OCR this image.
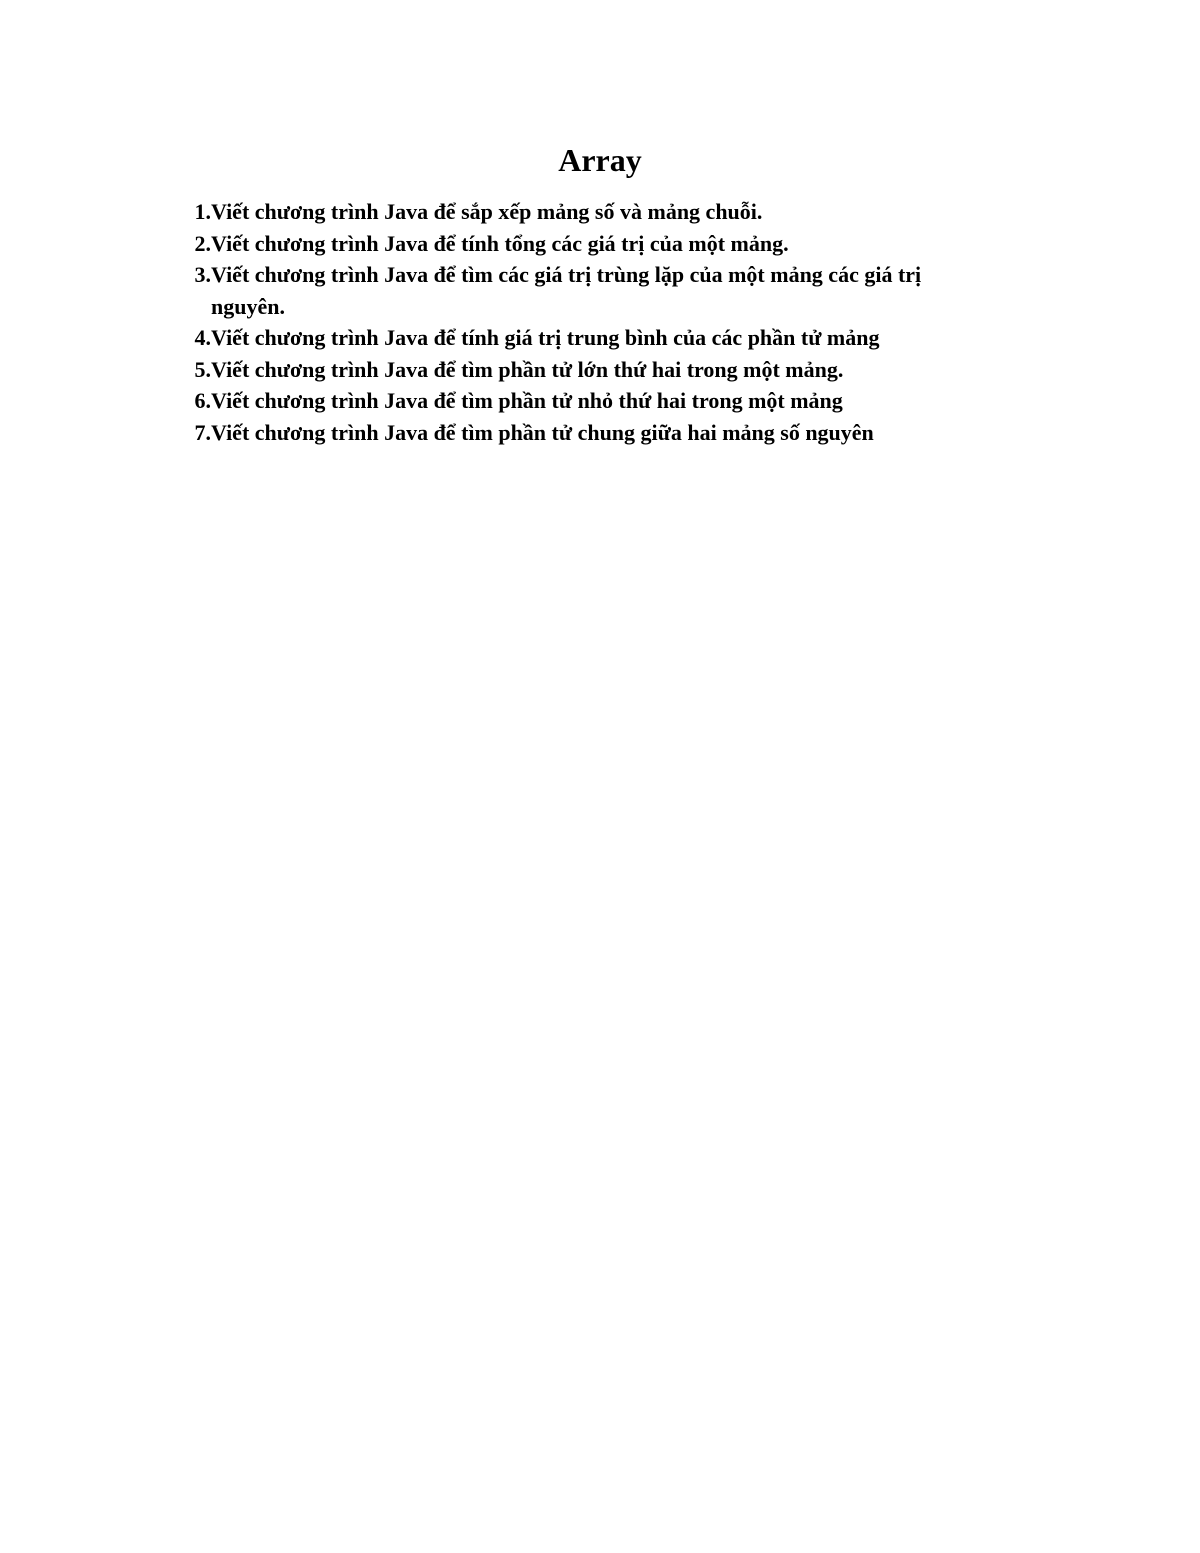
Array
1. Viết chương trình Java để sắp xếp mảng số và mảng chuỗi.
2. Viết chương trình Java để tính tổng các giá trị của một mảng.
3. Viết chương trình Java để tìm các giá trị trùng lặp của một mảng các giá trị nguyên.
4. Viết chương trình Java để tính giá trị trung bình của các phần tử mảng
5. Viết chương trình Java để tìm phần tử lớn thứ hai trong một mảng.
6. Viết chương trình Java để tìm phần tử nhỏ thứ hai trong một mảng
7. Viết chương trình Java để tìm phần tử chung giữa hai mảng số nguyên
